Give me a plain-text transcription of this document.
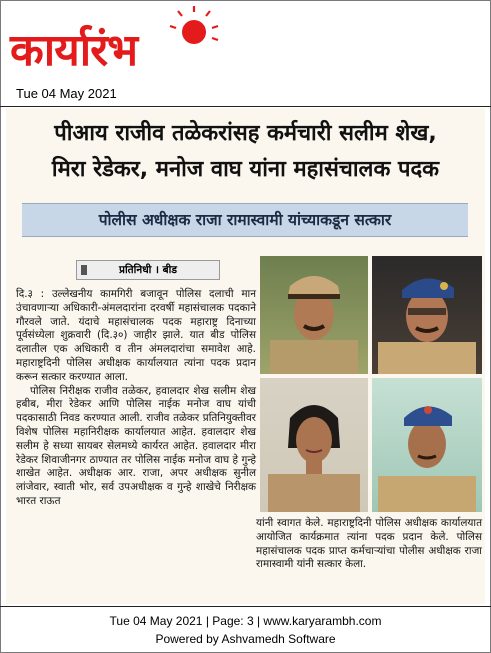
कार्यारंभ
Tue 04 May 2021
पीआय राजीव तळेकरांसह कर्मचारी सलीम शेख,
मिरा रेडेकर, मनोज वाघ यांना महासंचालक पदक
पोलीस अधीक्षक राजा रामास्वामी यांच्याकडून सत्कार
प्रतिनिधी । बीड

दि.३ : उल्लेखनीय कामगिरी बजावून पोलिस दलाची मान उंचावणाऱ्या अधिकारी-अंमलदारांना दरवर्षी महासंचालक पदकाने गौरवले जाते. यंदाचे महासंचालक पदक महाराष्ट्र दिनाच्या पूर्वसंध्येला शुक्रवारी (दि.३०) जाहीर झाले. यात बीड पोलिस दलातील एक अधिकारी व तीन अंमलदारांचा समावेश आहे. महाराष्ट्रदिनी पोलिस अधीक्षक कार्यालयात त्यांना पदक प्रदान करून सत्कार करण्यात आला.

पोलिस निरीक्षक राजीव तळेकर, हवालदार शेख सलीम शेख हबीब, मीरा रेडेकर आणि पोलिस नाईक मनोज वाघ यांची पदकासाठी निवड करण्यात आली. राजीव तळेकर प्रतिनियुक्तीवर विशेष पोलिस महानिरीक्षक कार्यालयात आहेत. हवालदार शेख सलीम हे सध्या सायबर सेलमध्ये कार्यरत आहेत. हवालदार मीरा रेडेकर शिवाजीनगर ठाण्यात तर पोलिस नाईक मनोज वाघ हे गुन्हे शाखेत आहेत. अधीक्षक आर. राजा, अपर अधीक्षक सुनील लांजेवार, स्वाती भोर, सर्व उपअधीक्षक व गुन्हे शाखेचे निरीक्षक भारत राऊत

यांनी स्वागत केले. महाराष्ट्रदिनी पोलिस अधीक्षक कार्यालयात आयोजित कार्यक्रमात त्यांना पदक प्रदान केले. पोलिस महासंचालक पदक प्राप्त कर्मचाऱ्यांचा पोलीस अधीक्षक राजा रामास्वामी यांनी सत्कार केला.
Tue 04 May 2021 | Page: 3 | www.karyarambh.com
Powered by Ashvamedh Software
